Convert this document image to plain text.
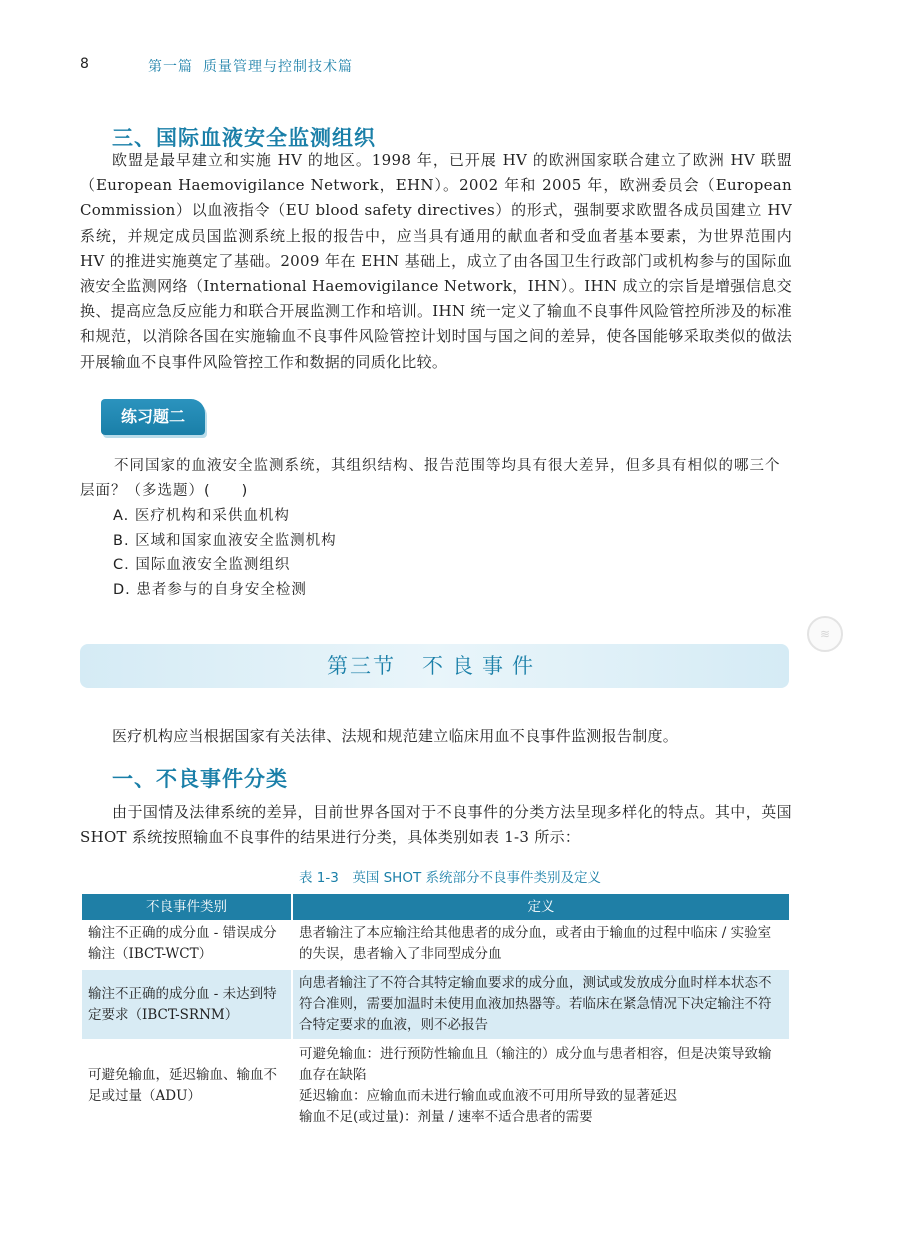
8	第一篇 质量管理与控制技术篇
三、国际血液安全监测组织

欧盟是最早建立和实施 HV 的地区。1998 年，已开展 HV 的欧洲国家联合建立了欧洲 HV 联盟（European Haemovigilance Network，EHN）。2002 年和 2005 年，欧洲委员会（European Commission）以血液指令（EU blood safety directives）的形式，强制要求欧盟各成员国建立 HV 系统，并规定成员国监测系统上报的报告中，应当具有通用的献血者和受血者基本要素，为世界范围内 HV 的推进实施奠定了基础。2009 年在 EHN 基础上，成立了由各国卫生行政部门或机构参与的国际血液安全监测网络（International Haemovigilance Network，IHN）。IHN 成立的宗旨是增强信息交换、提高应急反应能力和联合开展监测工作和培训。IHN 统一定义了输血不良事件风险管控所涉及的标准和规范，以消除各国在实施输血不良事件风险管控计划时国与国之间的差异，使各国能够采取类似的做法开展输血不良事件风险管控工作和数据的同质化比较。

练习题二

不同国家的血液安全监测系统，其组织结构、报告范围等均具有很大差异，但多具有相似的哪三个层面？（多选题）(　　)

A. 医疗机构和采供血机构
B. 区域和国家血液安全监测机构
C. 国际血液安全监测组织
D. 患者参与的自身安全检测
≋
第三节 不良事件

医疗机构应当根据国家有关法律、法规和规范建立临床用血不良事件监测报告制度。

一、不良事件分类

由于国情及法律系统的差异，目前世界各国对于不良事件的分类方法呈现多样化的特点。其中，英国 SHOT 系统按照输血不良事件的结果进行分类，具体类别如表 1-3 所示：

表 1-3　英国 SHOT 系统部分不良事件类别及定义
不良事件类别	定义
输注不正确的成分血 - 错误成分输注（IBCT-WCT）	患者输注了本应输注给其他患者的成分血，或者由于输血的过程中临床 / 实验室的失误，患者输入了非同型成分血

输注不正确的成分血 - 未达到特定要求（IBCT-SRNM）	向患者输注了不符合其特定输血要求的成分血，测试或发放成分血时样本状态不符合准则，需要加温时未使用血液加热器等。若临床在紧急情况下决定输注不符合特定要求的血液，则不必报告

可避免输血，延迟输血、输血不足或过量（ADU）	可避免输血：进行预防性输血且（输注的）成分血与患者相容，但是决策导致输血存在缺陷
延迟输血：应输血而未进行输血或血液不可用所导致的显著延迟
输血不足(或过量)：剂量 / 速率不适合患者的需要
